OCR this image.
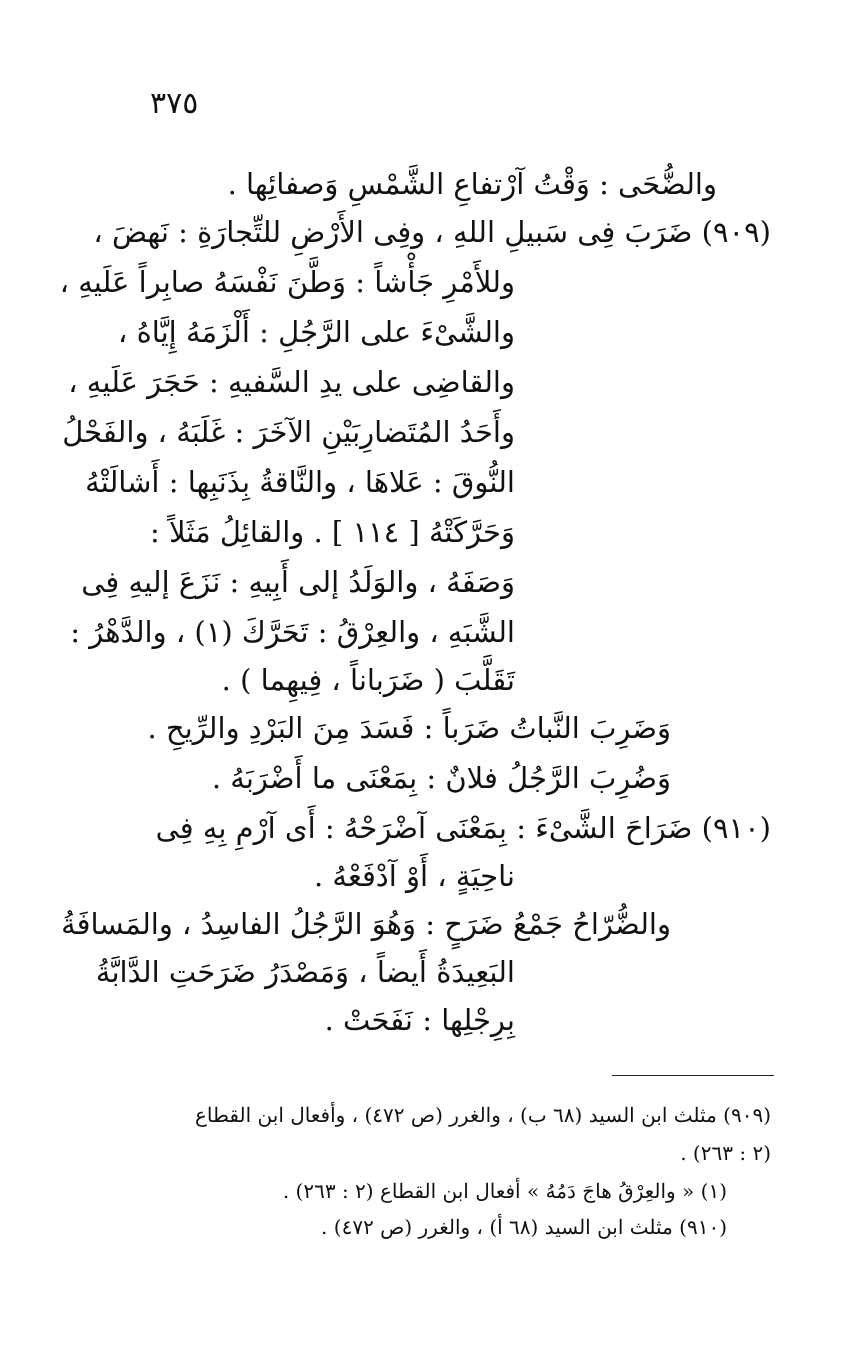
٣٧٥
والضُّحَى : وَقْتُ آرْتفاعِ الشَّمْسِ وَصفائِها .
(٩٠٩) ضَرَبَ فِى سَبيلِ اللهِ ، وفِى الأَرْضِ للتِّجارَةِ : نَهضَ ،
وللأَمْرِ جَأْشاً : وَطَّنَ نَفْسَهُ صابِراً عَلَيهِ ،
والشَّىْءَ على الرَّجُلِ : أَلْزَمَهُ إِيَّاهُ ،
والقاضِى على يدِ السَّفيهِ : حَجَرَ عَلَيهِ ،
وأَحَدُ المُتَضارِبَيْنِ الآخَرَ : غَلَبَهُ ، والفَحْلُ
النُّوقَ : عَلاهَا ، والنَّاقةُ بِذَنَبِها : أَشالَتْهُ
وَحَرَّكَتْهُ [ ١١٤ ] . والقائِلُ مَثَلاً :
وَصَفَهُ ، والوَلَدُ إلى أَبِيهِ : نَزَعَ إليهِ فِى
الشَّبَهِ ، والعِرْقُ : تَحَرَّكَ (١) ، والدَّهْرُ :
تَقَلَّبَ ( ضَرَباناً ، فِيهِما ) .
وَضَرِبَ النَّباتُ ضَرَباً : فَسَدَ مِنَ البَرْدِ والرِّيحِ .
وَضُرِبَ الرَّجُلُ فلانٌ : بِمَعْنَى ما أَضْرَبَهُ .
(٩١٠) ضَرَاحَ الشَّىْءَ : بِمَعْنَى آضْرَحْهُ : أَى آرْمِ بِهِ فِى
ناحِيَةٍ ، أَوْ آدْفَعْهُ .
والضُّرّاحُ جَمْعُ ضَرَحٍ : وَهُوَ الرَّجُلُ الفاسِدُ ، والمَسافَةُ
البَعِيدَةُ أَيضاً ، وَمَصْدَرُ ضَرَحَتِ الدَّابَّةُ
بِرِجْلِها : نَفَحَتْ .
(٩٠٩) مثلث ابن السيد (٦٨ ب) ، والغرر (ص ٤٧٢) ، وأفعال ابن القطاع
(٢ : ٢٦٣) .
(١) « والعِرْقُ هاجَ دَمُهُ » أفعال ابن القطاع (٢ : ٢٦٣) .
(٩١٠) مثلث ابن السيد (٦٨ أ) ، والغرر (ص ٤٧٢) .
